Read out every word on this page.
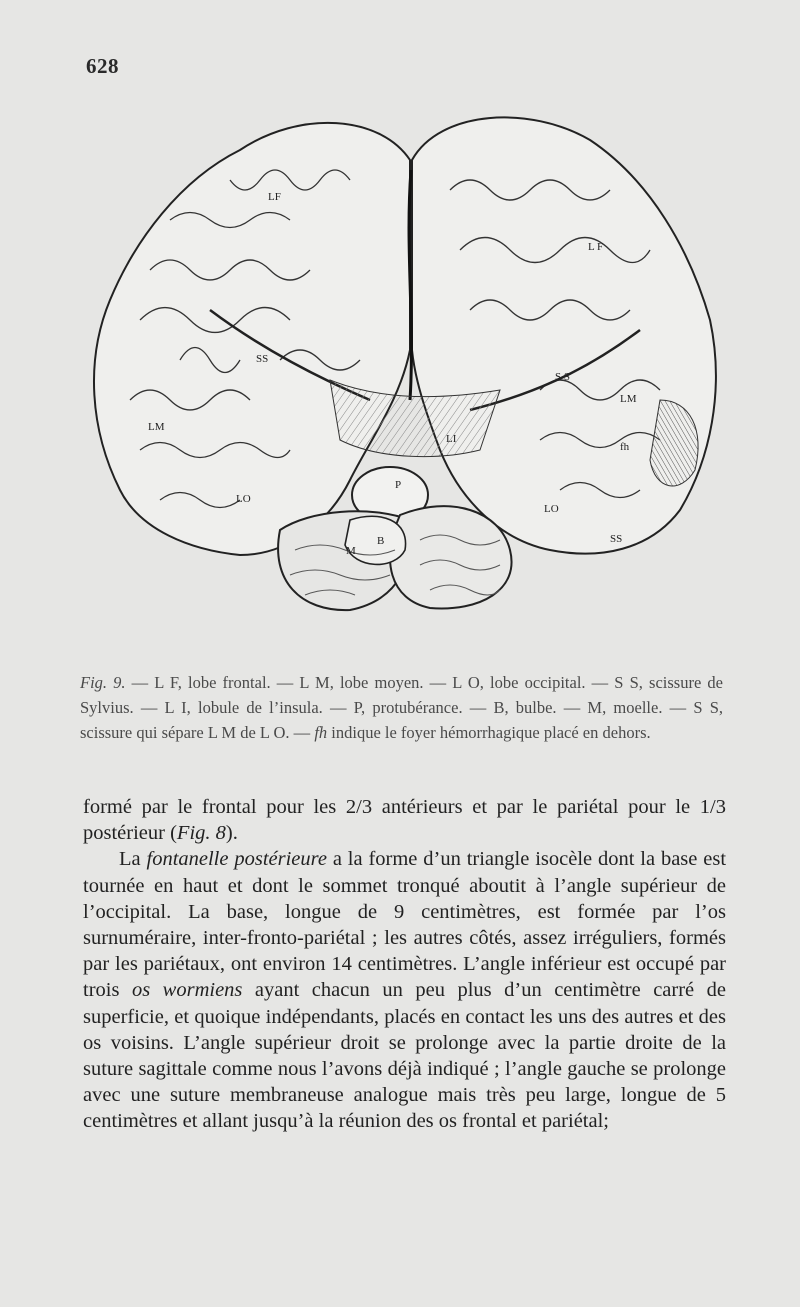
628
LF
L F
SS
S S
LM
LM
LI
fh
P
LO
LO
M
B	SS

Fig. 9. — L F, lobe frontal. — L M, lobe moyen. — L O, lobe occipital. — S S, scissure de Sylvius. — L I, lobule de l’insula. — P, protubérance. — B, bulbe. — M, moelle. — S S, scissure qui sépare L M de L O. — fh indique le foyer hémorrhagique placé en dehors.

formé par le frontal pour les 2/3 antérieurs et par le pariétal pour le 1/3 postérieur (Fig. 8).

La fontanelle postérieure a la forme d’un triangle isocèle dont la base est tournée en haut et dont le sommet tronqué aboutit à l’angle supérieur de l’occipital. La base, longue de 9 centimètres, est formée par l’os surnuméraire, inter-fronto-pariétal ; les autres côtés, assez irréguliers, formés par les pariétaux, ont environ 14 centimètres. L’angle inférieur est occupé par trois os wormiens ayant chacun un peu plus d’un centimètre carré de superficie, et quoique indépendants, placés en contact les uns des autres et des os voisins. L’angle supérieur droit se prolonge avec la partie droite de la suture sagittale comme nous l’avons déjà indiqué ; l’angle gauche se prolonge avec une suture membraneuse analogue mais très peu large, longue de 5 centimètres et allant jusqu’à la réunion des os frontal et pariétal;
